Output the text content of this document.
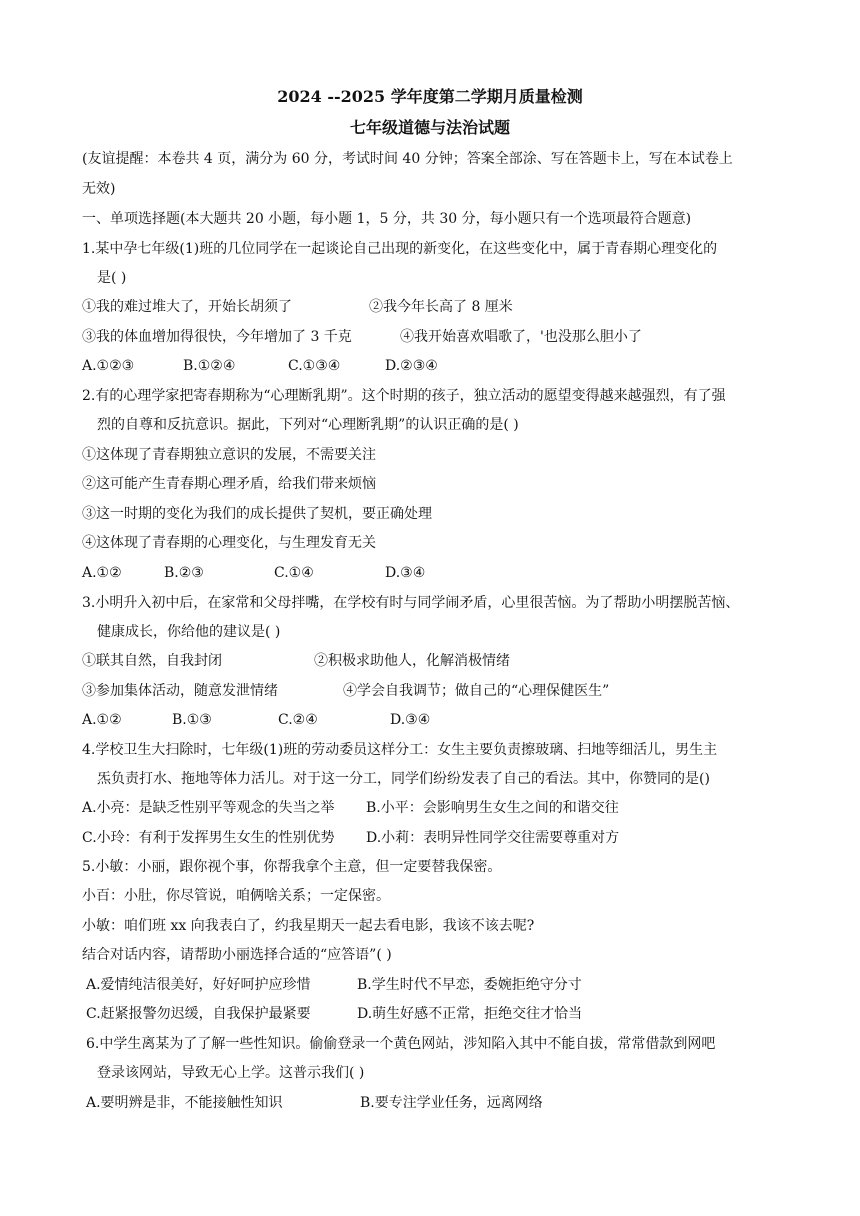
2024 --2025 学年度第二学期月质量检测
七年级道德与法治试题
(友谊提醒：本卷共 4 页，满分为 60 分，考试时间 40 分钟；答案全部涂、写在答题卡上，写在本试卷上
无效)
一、单项选择题(本大题共 20 小题，每小题 1，5 分，共 30 分，每小题只有一个选项最符合题意)
1.某中孕七年级(1)班的几位同学在一起谈论自己出现的新变化，在这些变化中，属于青春期心理变化的
是( )
①我的难过堆大了，开始长胡须了	②我今年长高了 8 厘米
③我的体血增加得很快，今年增加了 3 千克	④我开始喜欢唱歌了，'也没那么胆小了
A.①②③	B.①②④	C.①③④	D.②③④
2.有的心理学家把寄春期称为“心理断乳期”。这个时期的孩子，独立活动的愿望变得越来越强烈，有了强
烈的自尊和反抗意识。据此，下列对“心理断乳期”的认识正确的是( )
①这体现了青春期独立意识的发展，不需要关注
②这可能产生青春期心理矛盾，给我们带来烦恼
③这一时期的变化为我们的成长提供了契机，要正确处理
④这体现了青春期的心理变化，与生理发育无关
A.①②	B.②③	C.①④	D.③④
3.小明升入初中后，在家常和父母拌嘴，在学校有时与同学闹矛盾，心里很苦恼。为了帮助小明摆脱苦恼、
健康成长，你给他的建议是( )
①联其自然，自我封闭	②积极求助他人，化解消极情绪
③参加集体活动，随意发泄情绪	④学会自我调节；做自己的“心理保健医生”
A.①②	B.①③	C.②④	D.③④
4.学校卫生大扫除时，七年级(1)班的劳动委员这样分工：女生主要负责擦玻璃、扫地等细活儿，男生主
炁负责打水、拖地等体力活儿。对于这一分工，同学们纷纷发表了自己的看法。其中，你赞同的是()
A.小亮：是缺乏性别平等观念的失当之举 B.小平：会影响男生女生之间的和谐交往
C.小玲：有利于发挥男生女生的性别优势 D.小莉：表明异性同学交往需要尊重对方
5.小敏：小丽，跟你视个事，你帮我拿个主意，但一定要替我保密。
小百：小肚，你尽管说，咱俩啥关系；一定保密。
小敏：咱们班 xx 向我表白了，约我星期天一起去看电影，我该不该去呢?
结合对话内容，请帮助小丽选择合适的“应答语”( )
A.爱情纯洁很美好，好好呵护应珍惜	B.学生时代不早恋，委婉拒绝守分寸
C.赶紧报警勿迟缓，自我保护最紧要	D.萌生好感不正常，拒绝交往才恰当
6.中学生离某为了了解一些性知识。偷偷登录一个黄色网站，涉知陷入其中不能自拔，常常借款到网吧
登录该网站，导致无心上学。这普示我们( )
A.要明辨是非，不能接触性知识	B.要专注学业任务，远离网络
